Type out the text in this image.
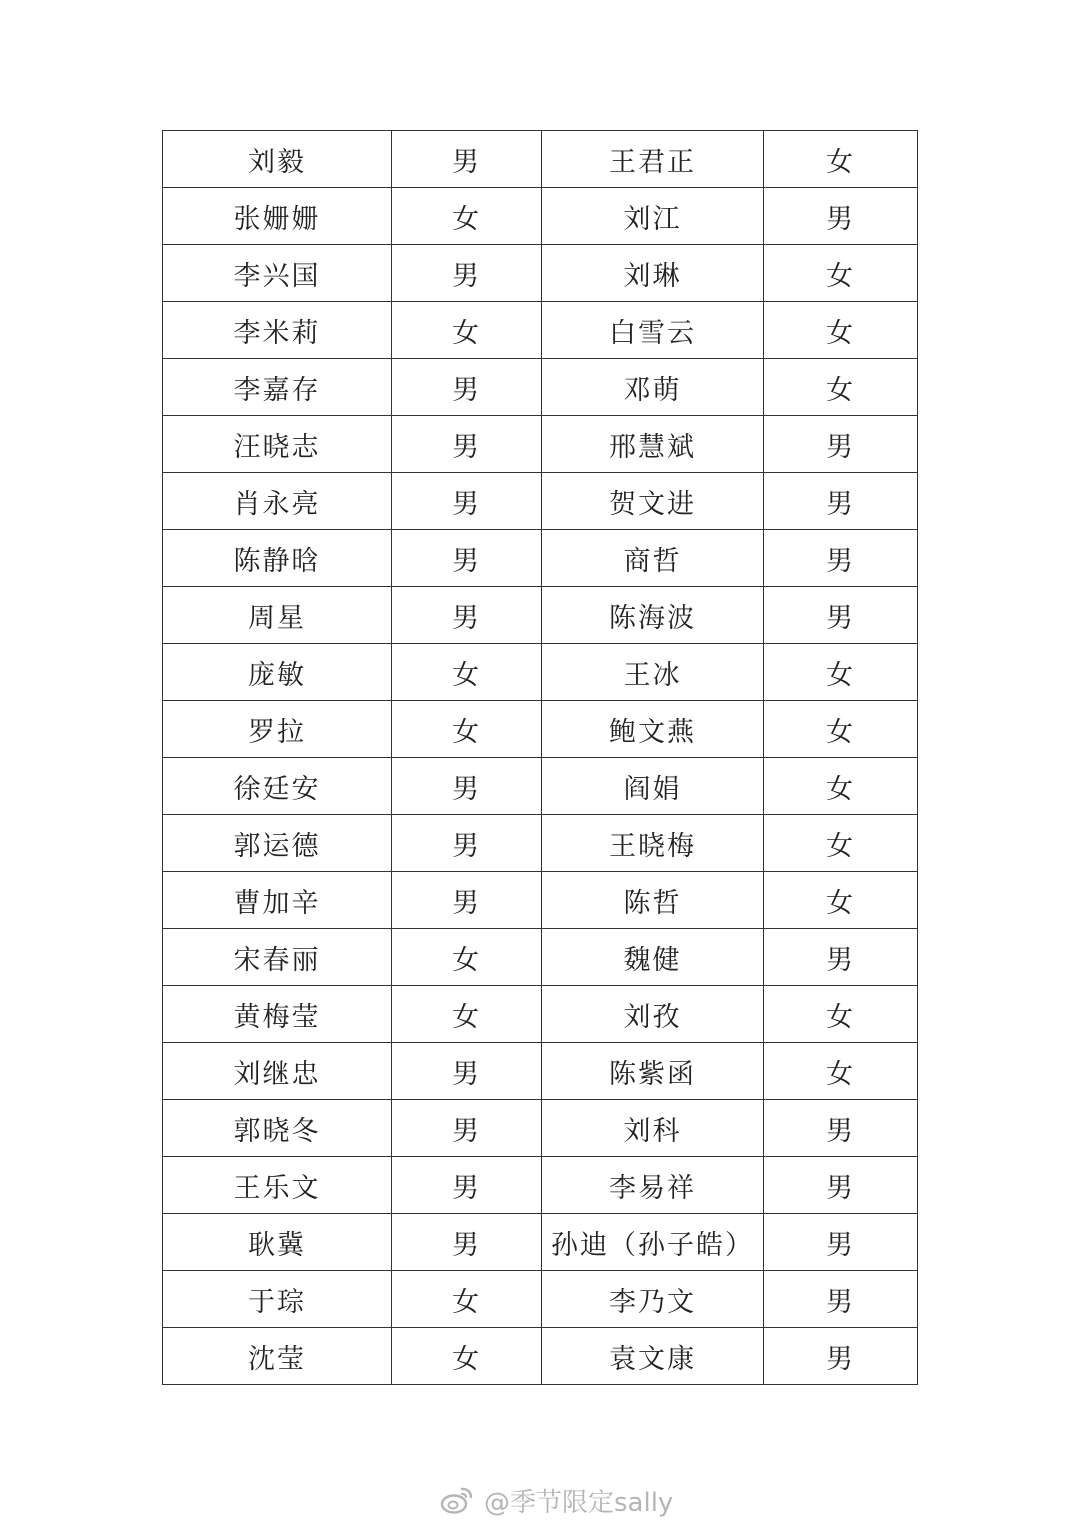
刘毅	男	王君正	女
张姗姗	女	刘江	男
李兴国	男	刘琳	女
李米莉	女	白雪云	女
李嘉存	男	邓萌	女
汪晓志	男	邢慧斌	男
肖永亮	男	贺文进	男
陈静晗	男	商哲	男
周星	男	陈海波	男
庞敏	女	王冰	女
罗拉	女	鲍文燕	女
徐廷安	男	阎娟	女
郭运德	男	王晓梅	女
曹加辛	男	陈哲	女
宋春丽	女	魏健	男
黄梅莹	女	刘孜	女
刘继忠	男	陈紫函	女
郭晓冬	男	刘科	男
王乐文	男	李易祥	男
耿冀	男	孙迪（孙子皓）	男
于琮	女	李乃文	男
沈莹	女	袁文康	男
@季节限定sally
